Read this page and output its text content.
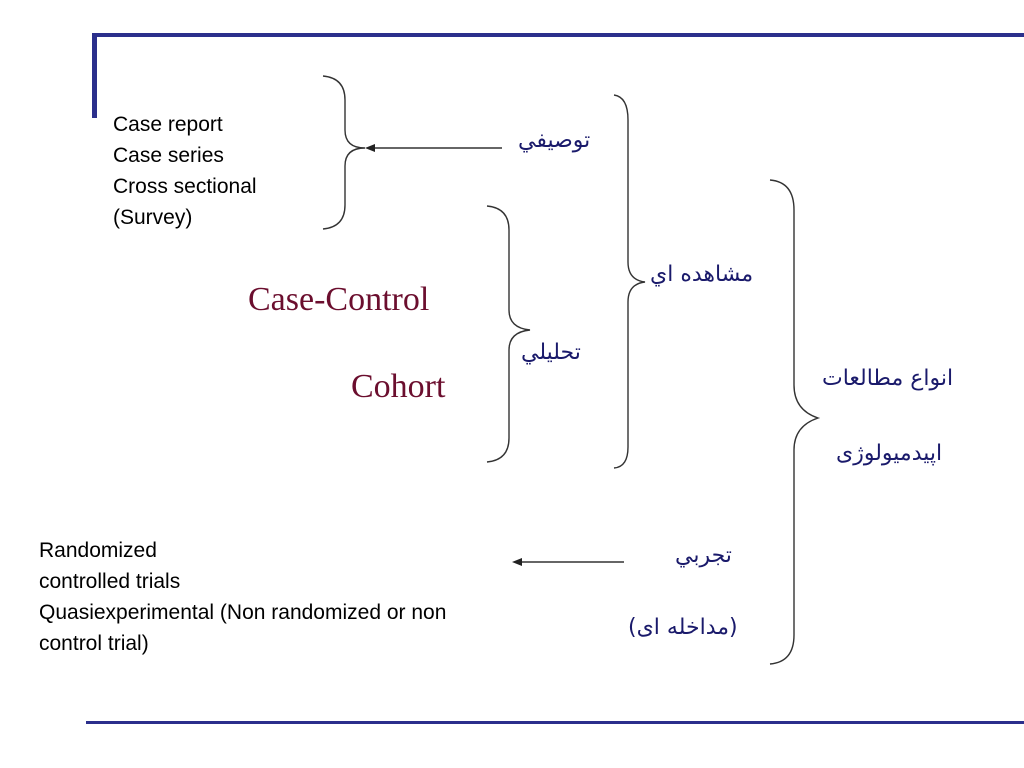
Case report
Case series
Cross sectional
(Survey)
توصيفي
Case-Control
Cohort
تحليلي
مشاهده اي
انواع مطالعات
اپيدميولوژی
تجربي
(مداخله ای)
Randomized
controlled trials
Quasiexperimental (Non randomized or non
control trial)
